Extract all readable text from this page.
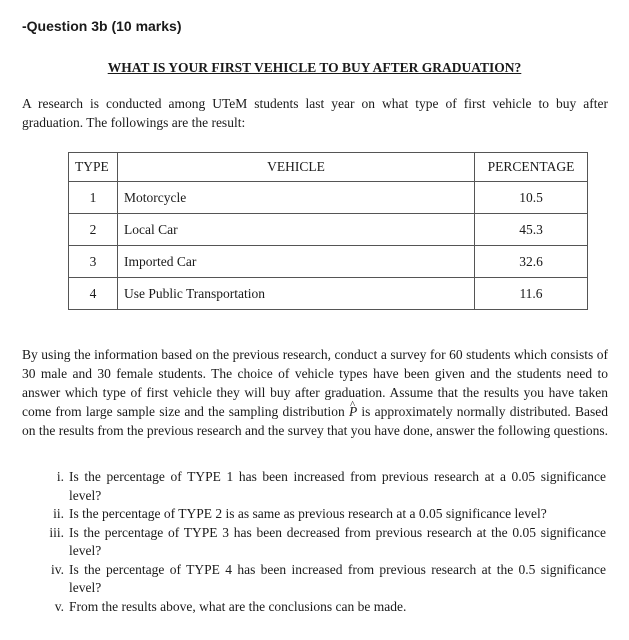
-Question 3b (10 marks)
WHAT IS YOUR FIRST VEHICLE TO BUY AFTER GRADUATION?
A research is conducted among UTeM students last year on what type of first vehicle to buy after graduation. The followings are the result:
TYPE	VEHICLE	PERCENTAGE
1	Motorcycle	10.5
2	Local Car	45.3
3	Imported Car	32.6
4	Use Public Transportation	11.6
By using the information based on the previous research, conduct a survey for 60 students which consists of 30 male and 30 female students. The choice of vehicle types have been given and the students need to answer which type of first vehicle they will buy after graduation. Assume that the results you have taken come from large sample size and the sampling distribution ^ P is approximately normally distributed. Based on the results from the previous research and the survey that you have done, answer the following questions.
i. Is the percentage of TYPE 1 has been increased from previous research at a 0.05 significance level?
ii. Is the percentage of TYPE 2 is as same as previous research at a 0.05 significance level?
iii. Is the percentage of TYPE 3 has been decreased from previous research at the 0.05 significance level?
iv. Is the percentage of TYPE 4 has been increased from previous research at the 0.5 significance level?
v. From the results above, what are the conclusions can be made.
